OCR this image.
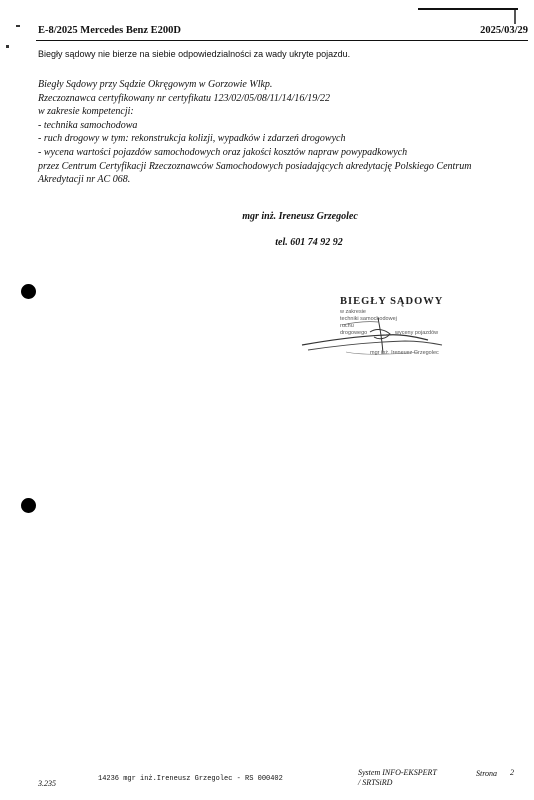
E-8/2025 Mercedes Benz E200D	2025/03/29
Biegły sądowy nie bierze na siebie odpowiedzialności za wady ukryte pojazdu.
Biegły Sądowy przy Sądzie Okręgowym w Gorzowie Wlkp.
Rzeczoznawca certyfikowany nr certyfikatu 123/02/05/08/11/14/16/19/22
w zakresie kompetencji:
- technika samochodowa
- ruch drogowy w tym: rekonstrukcja kolizji, wypadków i zdarzeń drogowych
- wycena wartości pojazdów samochodowych oraz jakości kosztów napraw powypadkowych
przez Centrum Certyfikacji Rzeczoznawców Samochodowych posiadających akredytację Polskiego Centrum Akredytacji nr AC 068.
mgr inż. Ireneusz Grzegolec
tel. 601 74 92 92
BIEGŁY SĄDOWY
w zakresie
techniki samochodowej
ruchu
drogowego	wyceny pojazdów
mgr inż. Ireneusz Grzegolec
3.235	14236 mgr inż.Ireneusz Grzegolec - RS 000402
System INFO-EKSPERT
/ SRTSiRD
Strona 2
